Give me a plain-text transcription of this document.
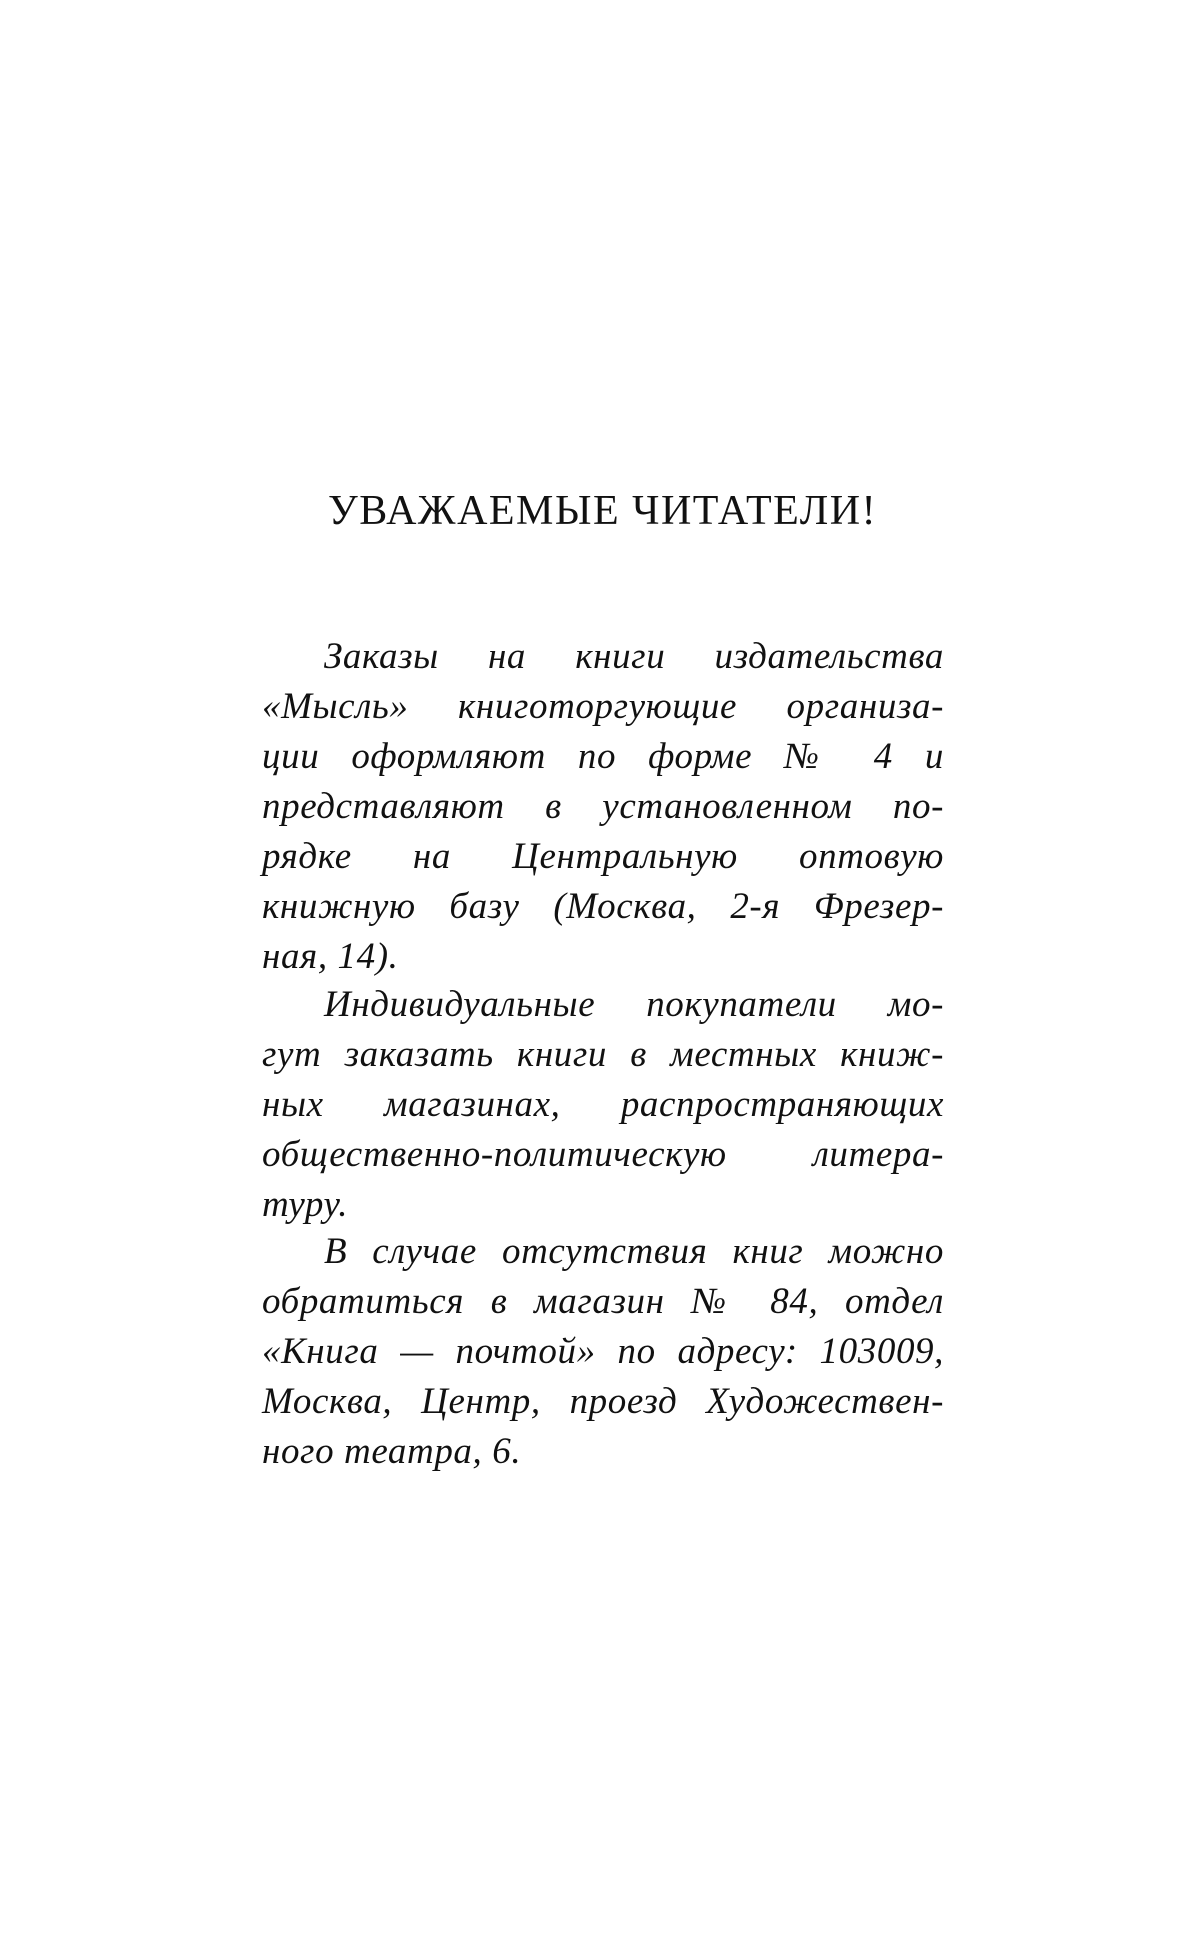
УВАЖАЕМЫЕ ЧИТАТЕЛИ!
Заказы на книги издательства
«Мысль» книготоргующие организа-
ции оформляют по форме № 4 и
представляют в установленном по-
рядке на Центральную оптовую
книжную базу (Москва, 2-я Фрезер-
ная, 14).
Индивидуальные покупатели мо-
гут заказать книги в местных книж-
ных магазинах, распространяющих
общественно-политическую литера-
туру.
В случае отсутствия книг можно
обратиться в магазин № 84, отдел
«Книга — почтой» по адресу: 103009,
Москва, Центр, проезд Художествен-
ного театра, 6.
